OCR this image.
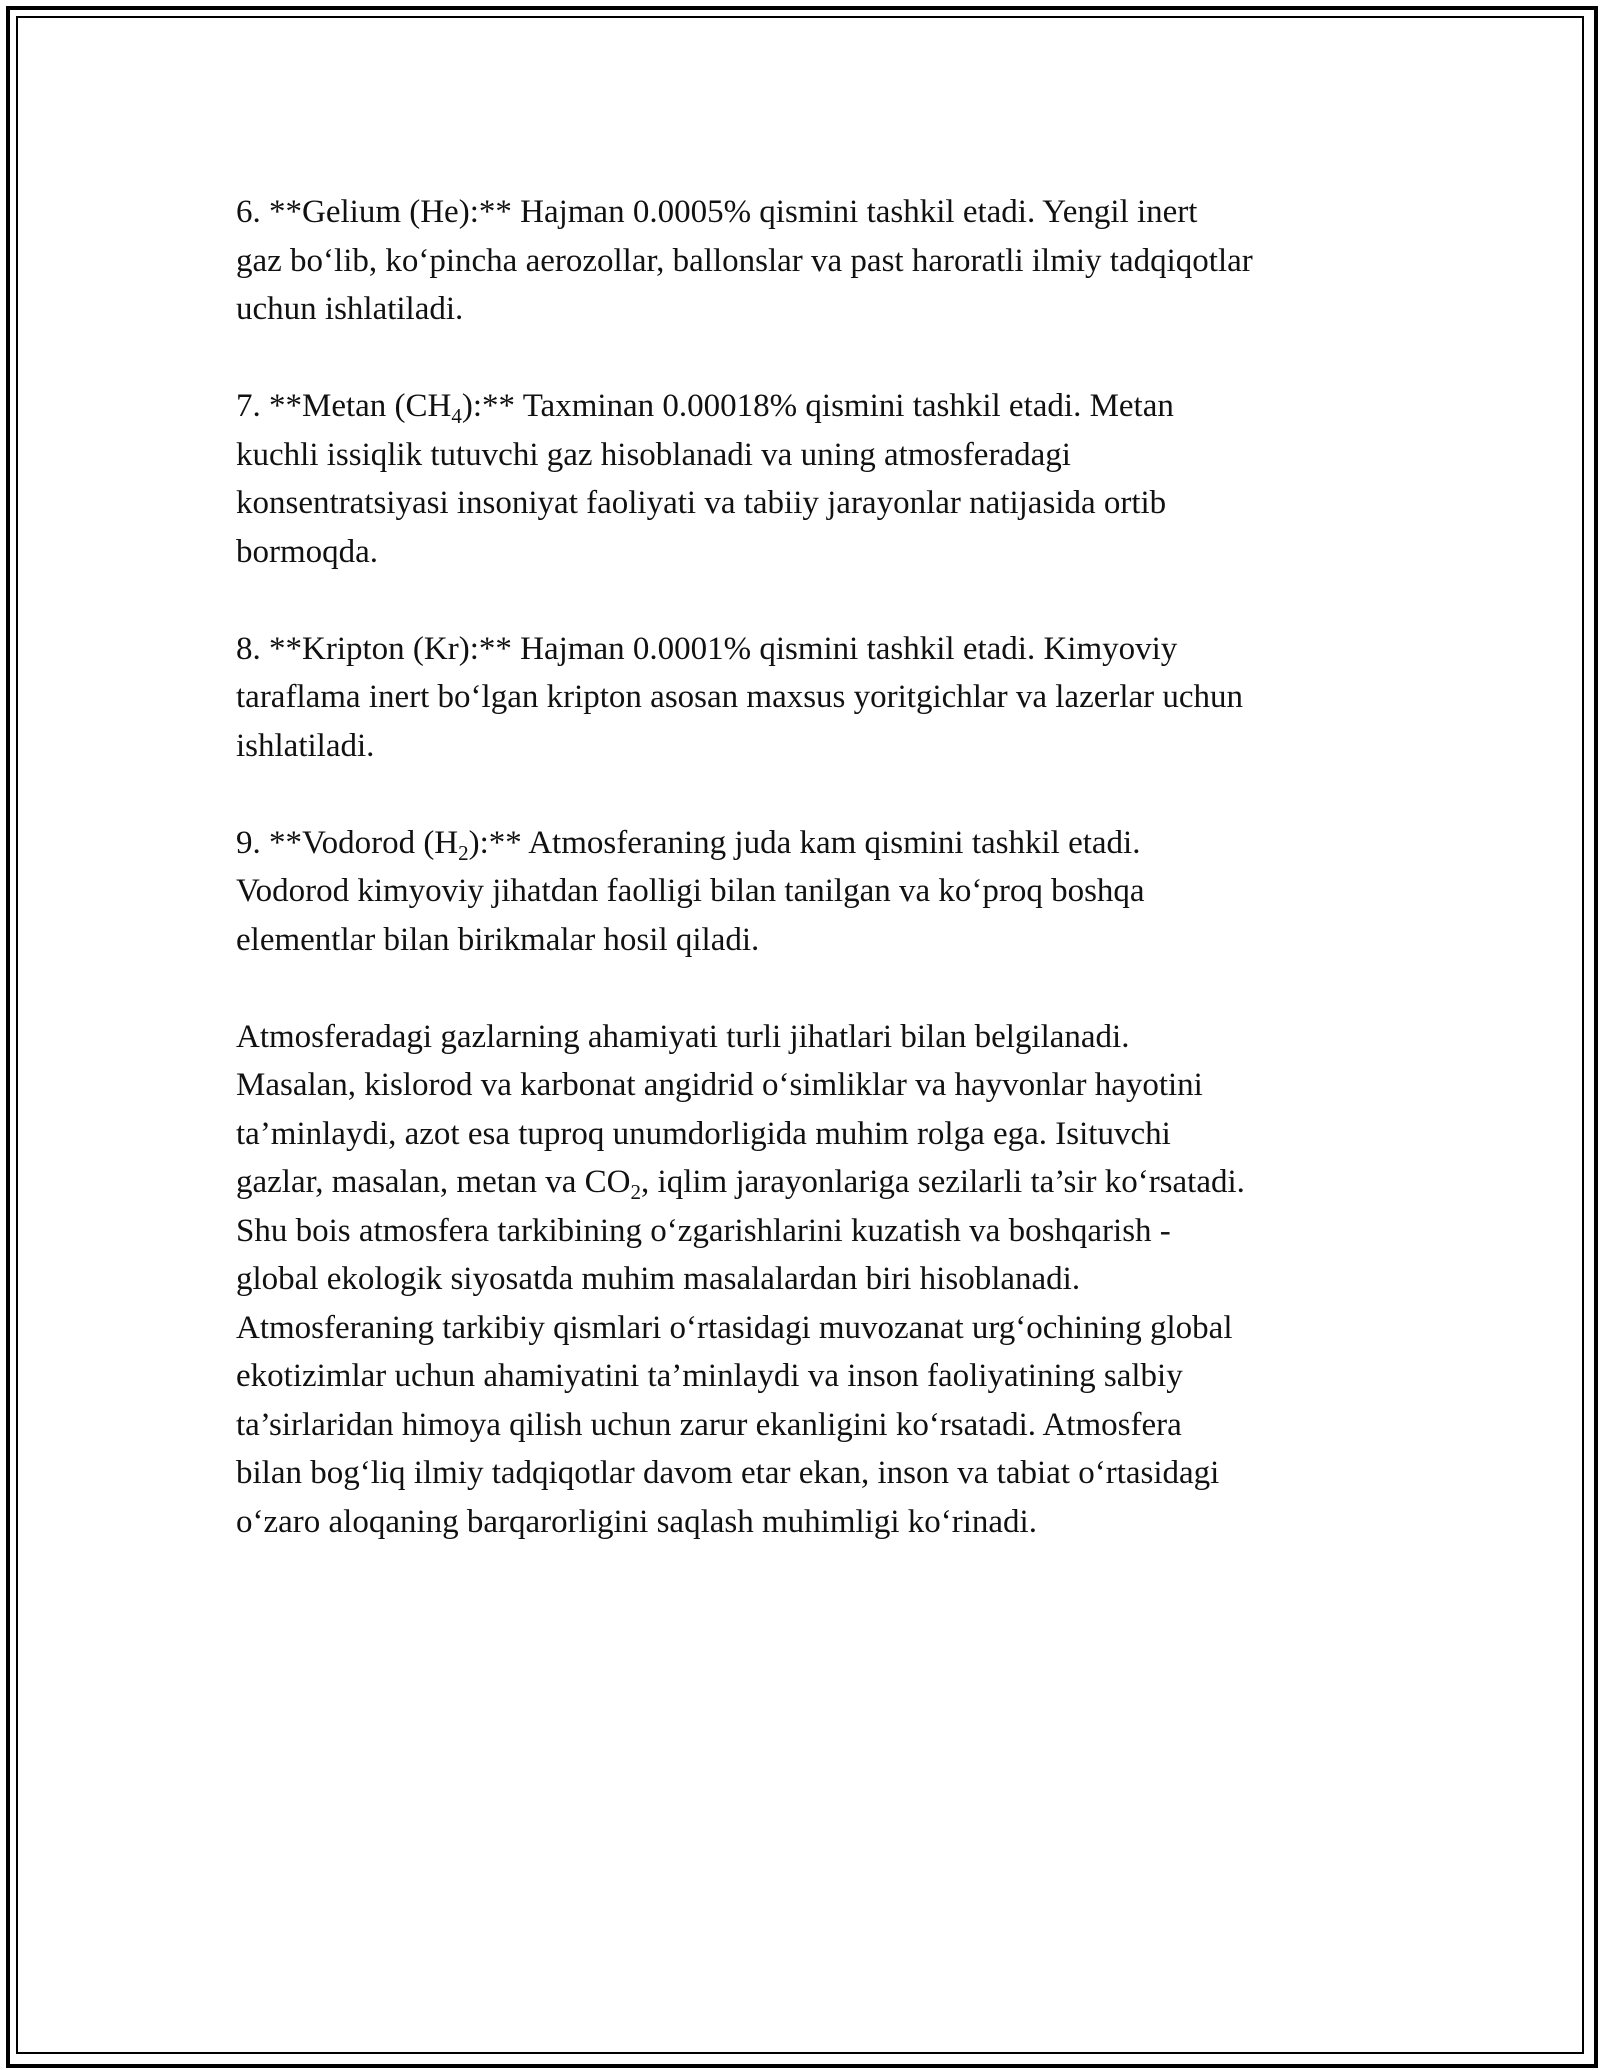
6. **Gelium (He):** Hajman 0.0005% qismini tashkil etadi. Yengil inert
gaz bo‘lib, ko‘pincha aerozollar, ballonslar va past haroratli ilmiy tadqiqotlar
uchun ishlatiladi.

7. **Metan $(CH_4):**$ Taxminan 0.00018% qismini tashkil etadi. Metan
kuchli issiqlik tutuvchi gaz hisoblanadi va uning atmosferadagi
konsentratsiyasi insoniyat faoliyati va tabiiy jarayonlar natijasida ortib
bormoqda.

8. **Kripton (Kr):** Hajman 0.0001% qismini tashkil etadi. Kimyoviy
taraflama inert bo‘lgan kripton asosan maxsus yoritgichlar va lazerlar uchun
ishlatiladi.

9. **Vodorod $(H_2):**$ Atmosferaning juda kam qismini tashkil etadi.
Vodorod kimyoviy jihatdan faolligi bilan tanilgan va ko‘proq boshqa
elementlar bilan birikmalar hosil qiladi.

Atmosferadagi gazlarning ahamiyati turli jihatlari bilan belgilanadi.
Masalan, kislorod va karbonat angidrid o‘simliklar va hayvonlar hayotini
ta’minlaydi, azot esa tuproq unumdorligida muhim rolga ega. Isituvchi
gazlar, masalan, metan va $CO_2$, iqlim jarayonlariga sezilarli ta’sir ko‘rsatadi.
Shu bois atmosfera tarkibining o‘zgarishlarini kuzatish va boshqarish -
global ekologik siyosatda muhim masalalardan biri hisoblanadi.
Atmosferaning tarkibiy qismlari o‘rtasidagi muvozanat urg‘ochining global
ekotizimlar uchun ahamiyatini ta’minlaydi va inson faoliyatining salbiy
ta’sirlaridan himoya qilish uchun zarur ekanligini ko‘rsatadi. Atmosfera
bilan bog‘liq ilmiy tadqiqotlar davom etar ekan, inson va tabiat o‘rtasidagi
o‘zaro aloqaning barqarorligini saqlash muhimligi ko‘rinadi.
